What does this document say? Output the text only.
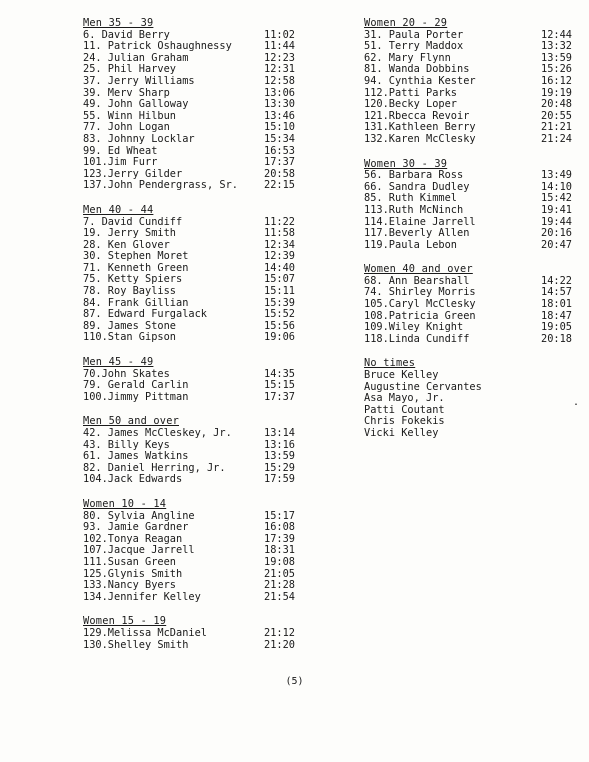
Men 35 - 39
6. David Berry	11:02
11. Patrick Oshaughnessy	11:44
24. Julian Graham	12:23
25. Phil Harvey	12:31
37. Jerry Williams	12:58
39. Merv Sharp	13:06
49. John Galloway	13:30
55. Winn Hilbun	13:46
77. John Logan	15:10
83. Johnny Locklar	15:34
99. Ed Wheat	16:53
101.Jim Furr	17:37
123.Jerry Gilder	20:58
137.John Pendergrass, Sr.	22:15
Men 40 - 44
7. David Cundiff	11:22
19. Jerry Smith	11:58
28. Ken Glover	12:34
30. Stephen Moret	12:39
71. Kenneth Green	14:40
75. Ketty Spiers	15:07
78. Roy Bayliss	15:11
84. Frank Gillian	15:39
87. Edward Furgalack	15:52
89. James Stone	15:56
110.Stan Gipson	19:06
Men 45 - 49
70.John Skates	14:35
79. Gerald Carlin	15:15
100.Jimmy Pittman	17:37
Men 50 and over
42. James McCleskey, Jr.	13:14
43. Billy Keys	13:16
61. James Watkins	13:59
82. Daniel Herring, Jr.	15:29
104.Jack Edwards	17:59
Women 10 - 14
80. Sylvia Angline	15:17
93. Jamie Gardner	16:08
102.Tonya Reagan	17:39
107.Jacque Jarrell	18:31
111.Susan Green	19:08
125.Glynis Smith	21:05
133.Nancy Byers	21:28
134.Jennifer Kelley	21:54
Women 15 - 19
129.Melissa McDaniel	21:12
130.Shelley Smith	21:20
Women 20 - 29
31. Paula Porter	12:44
51. Terry Maddox	13:32
62. Mary Flynn	13:59
81. Wanda Dobbins	15:26
94. Cynthia Kester	16:12
112.Patti Parks	19:19
120.Becky Loper	20:48
121.Rbecca Revoir	20:55
131.Kathleen Berry	21:21
132.Karen McClesky	21:24
Women 30 - 39
56. Barbara Ross	13:49
66. Sandra Dudley	14:10
85. Ruth Kimmel	15:42
113.Ruth McNinch	19:41
114.Elaine Jarrell	19:44
117.Beverly Allen	20:16
119.Paula Lebon	20:47
Women 40 and over
68. Ann Bearshall	14:22
74. Shirley Morris	14:57
105.Caryl McClesky	18:01
108.Patricia Green	18:47
109.Wiley Knight	19:05
118.Linda Cundiff	20:18
No times
Bruce Kelley
Augustine Cervantes
Asa Mayo, Jr.
Patti Coutant
Chris Fokekis
Vicki Kelley
(5)
.
